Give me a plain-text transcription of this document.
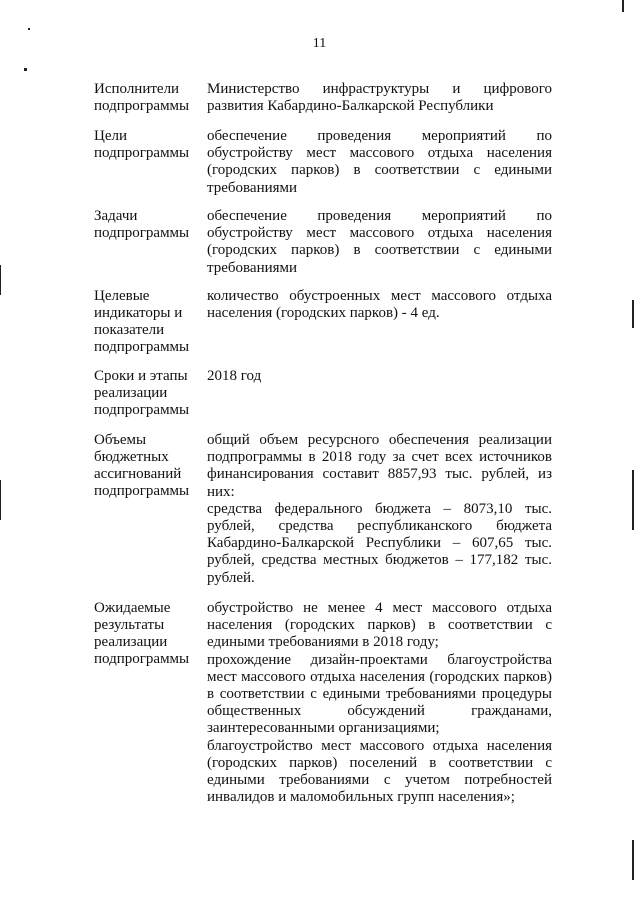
11
Исполнители
подпрограммы

Министерство инфраструктуры и цифрового развития Кабардино-Балкарской Республики

Цели
подпрограммы

обеспечение проведения мероприятий по обустройству мест массового отдыха населения (городских парков) в соответствии с едиными требованиями

Задачи
подпрограммы

обеспечение проведения мероприятий по обустройству мест массового отдыха населения (городских парков) в соответствии с едиными требованиями

Целевые
индикаторы и
показатели
подпрограммы

количество обустроенных мест массового отдыха населения (городских парков) - 4 ед.

Сроки и этапы
реализации
подпрограммы

2018 год

Объемы
бюджетных
ассигнований
подпрограммы

общий объем ресурсного обеспечения реализации подпрограммы в 2018 году за счет всех источников финансирования составит 8857,93 тыс. рублей, из них:

средства федерального бюджета – 8073,10 тыс. рублей, средства республиканского бюджета Кабардино-Балкарской Республики – 607,65 тыс. рублей, средства местных бюджетов – 177,182 тыс. рублей.

Ожидаемые
результаты
реализации
подпрограммы

обустройство не менее 4 мест массового отдыха населения (городских парков) в соответствии с едиными требованиями в 2018 году;

прохождение дизайн-проектами благоустройства мест массового отдыха населения (городских парков) в соответствии с едиными требованиями процедуры общественных обсуждений гражданами, заинтересованными организациями;

благоустройство мест массового отдыха населения (городских парков) поселений в соответствии с едиными требованиями с учетом потребностей инвалидов и маломобильных групп населения»;
